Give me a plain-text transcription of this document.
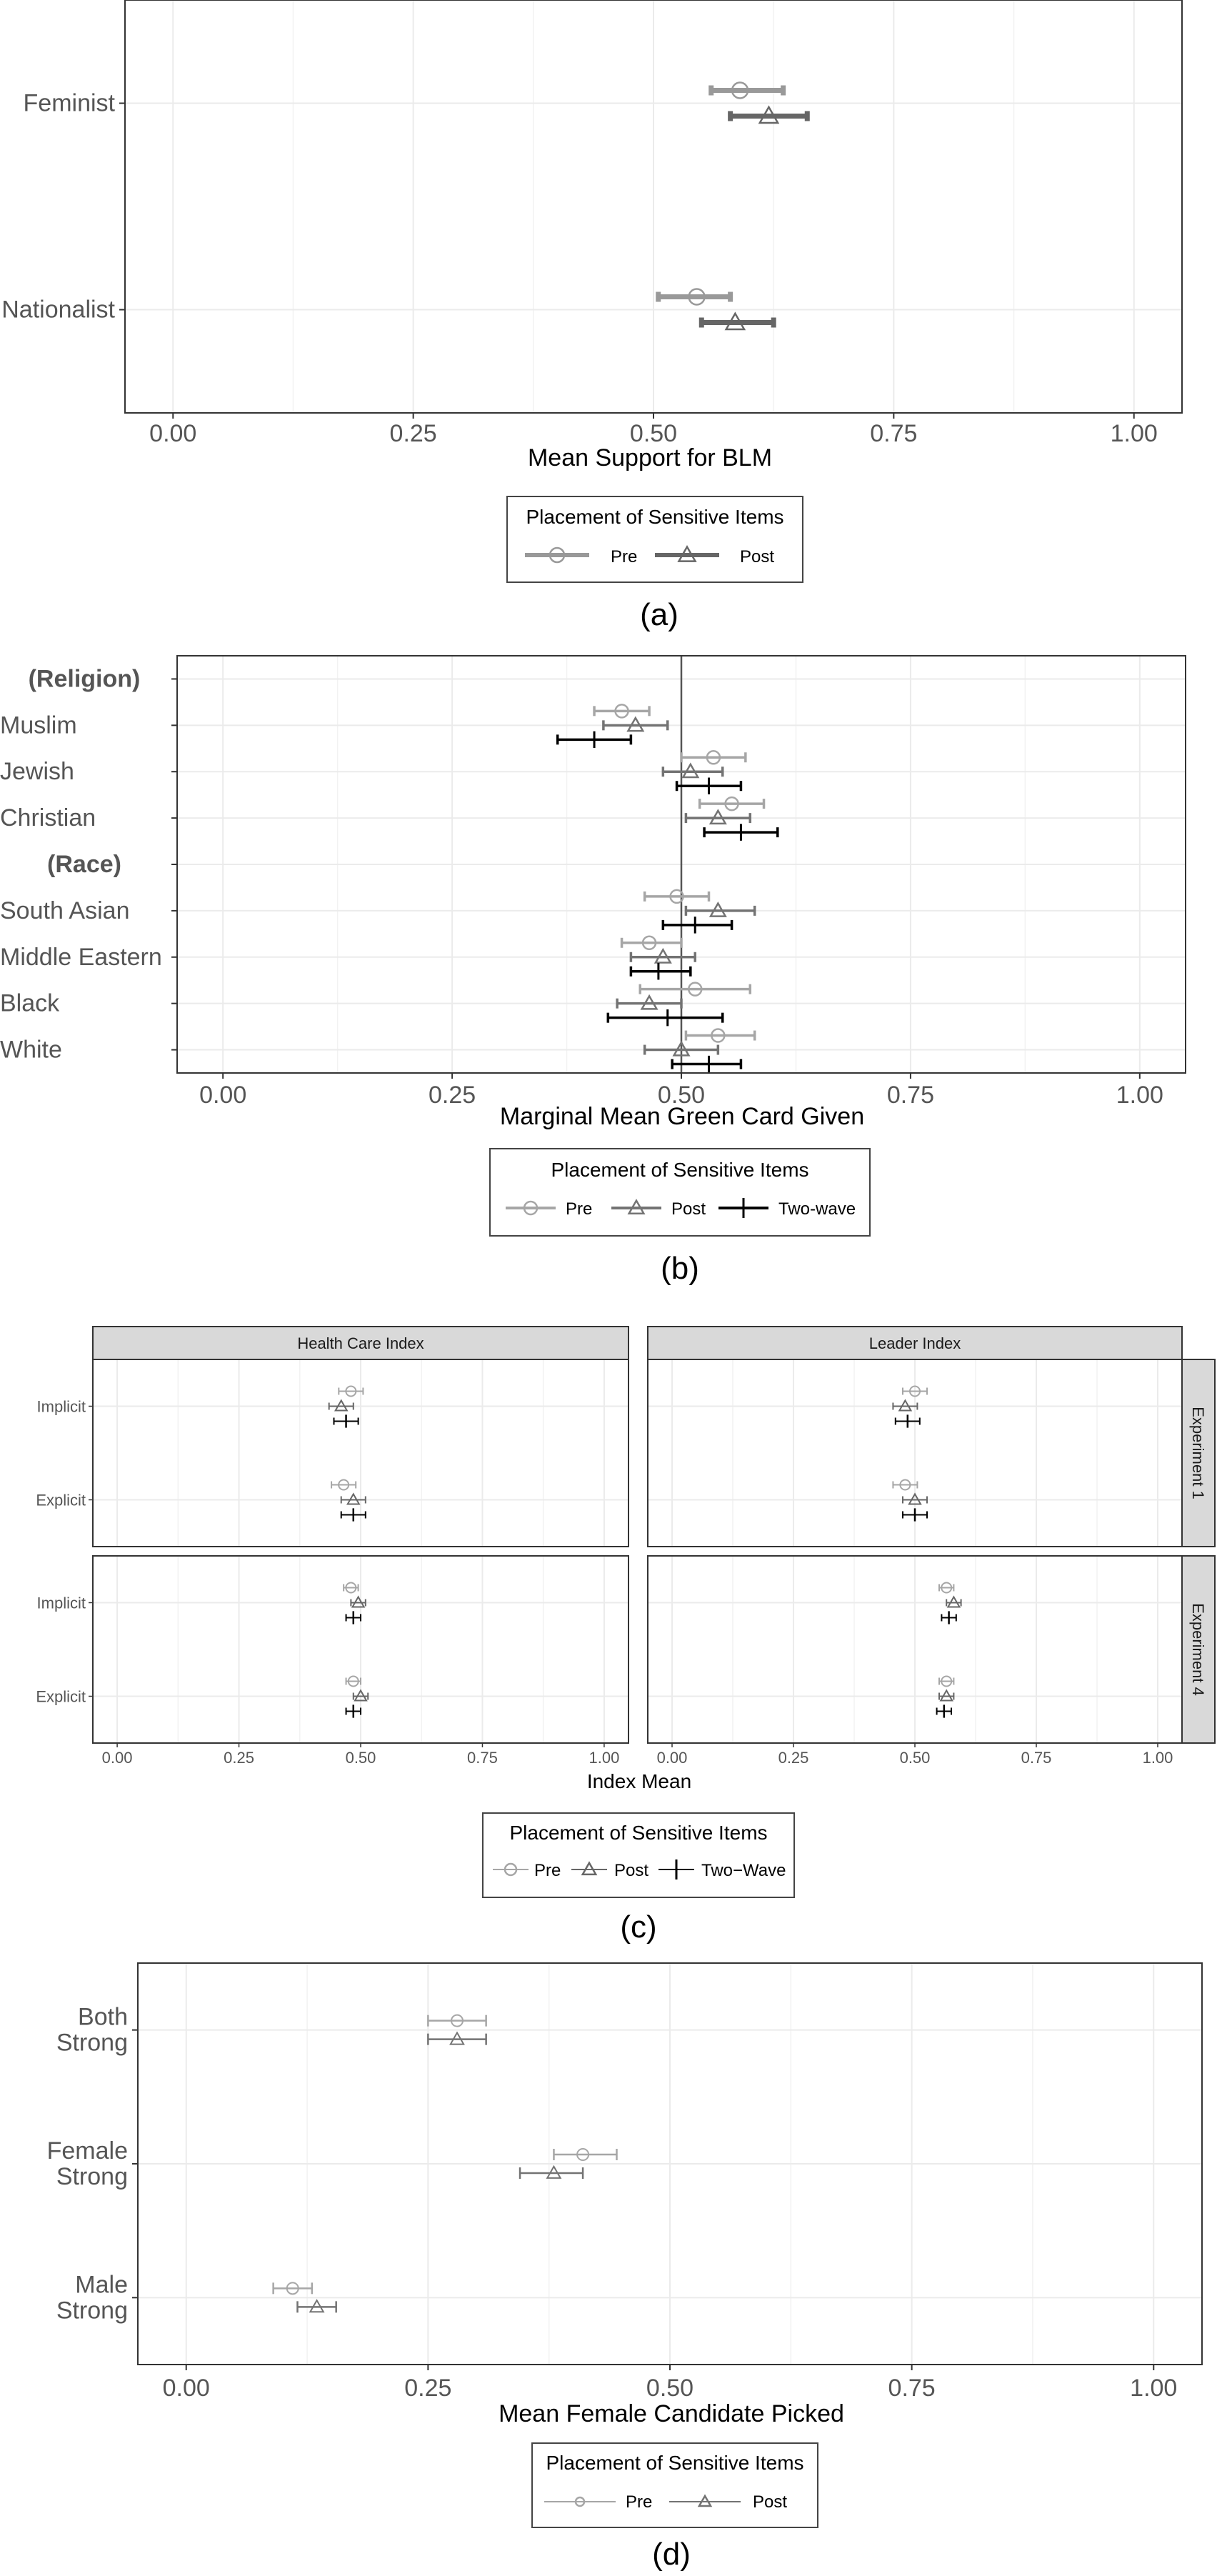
0.00	0.25	0.50	0.75	1.00
Feminist
Nationalist
Mean Support for BLM
Placement of Sensitive Items
Pre	Post
(a)
0.00	0.25	0.50	0.75	1.00
(Religion)
Muslim
Jewish
Christian
(Race)
South Asian
Middle Eastern
Black
White
Marginal Mean Green Card Given
Placement of Sensitive Items
Pre	Post	Two-wave
(b)
Health Care Index	Leader Index
Experiment 1
Experiment 4
Implicit
Explicit
0.00	0.25	0.50	0.75	1.00
Implicit
Explicit
0.00	0.25	0.50	0.75	1.00
Index Mean
Placement of Sensitive Items
Pre	Post	Two−Wave
(c)
0.00	0.25	0.50	0.75	1.00
Both
Strong
Female
Strong
Male
Strong
Mean Female Candidate Picked
Placement of Sensitive Items
Pre	Post
(d)
